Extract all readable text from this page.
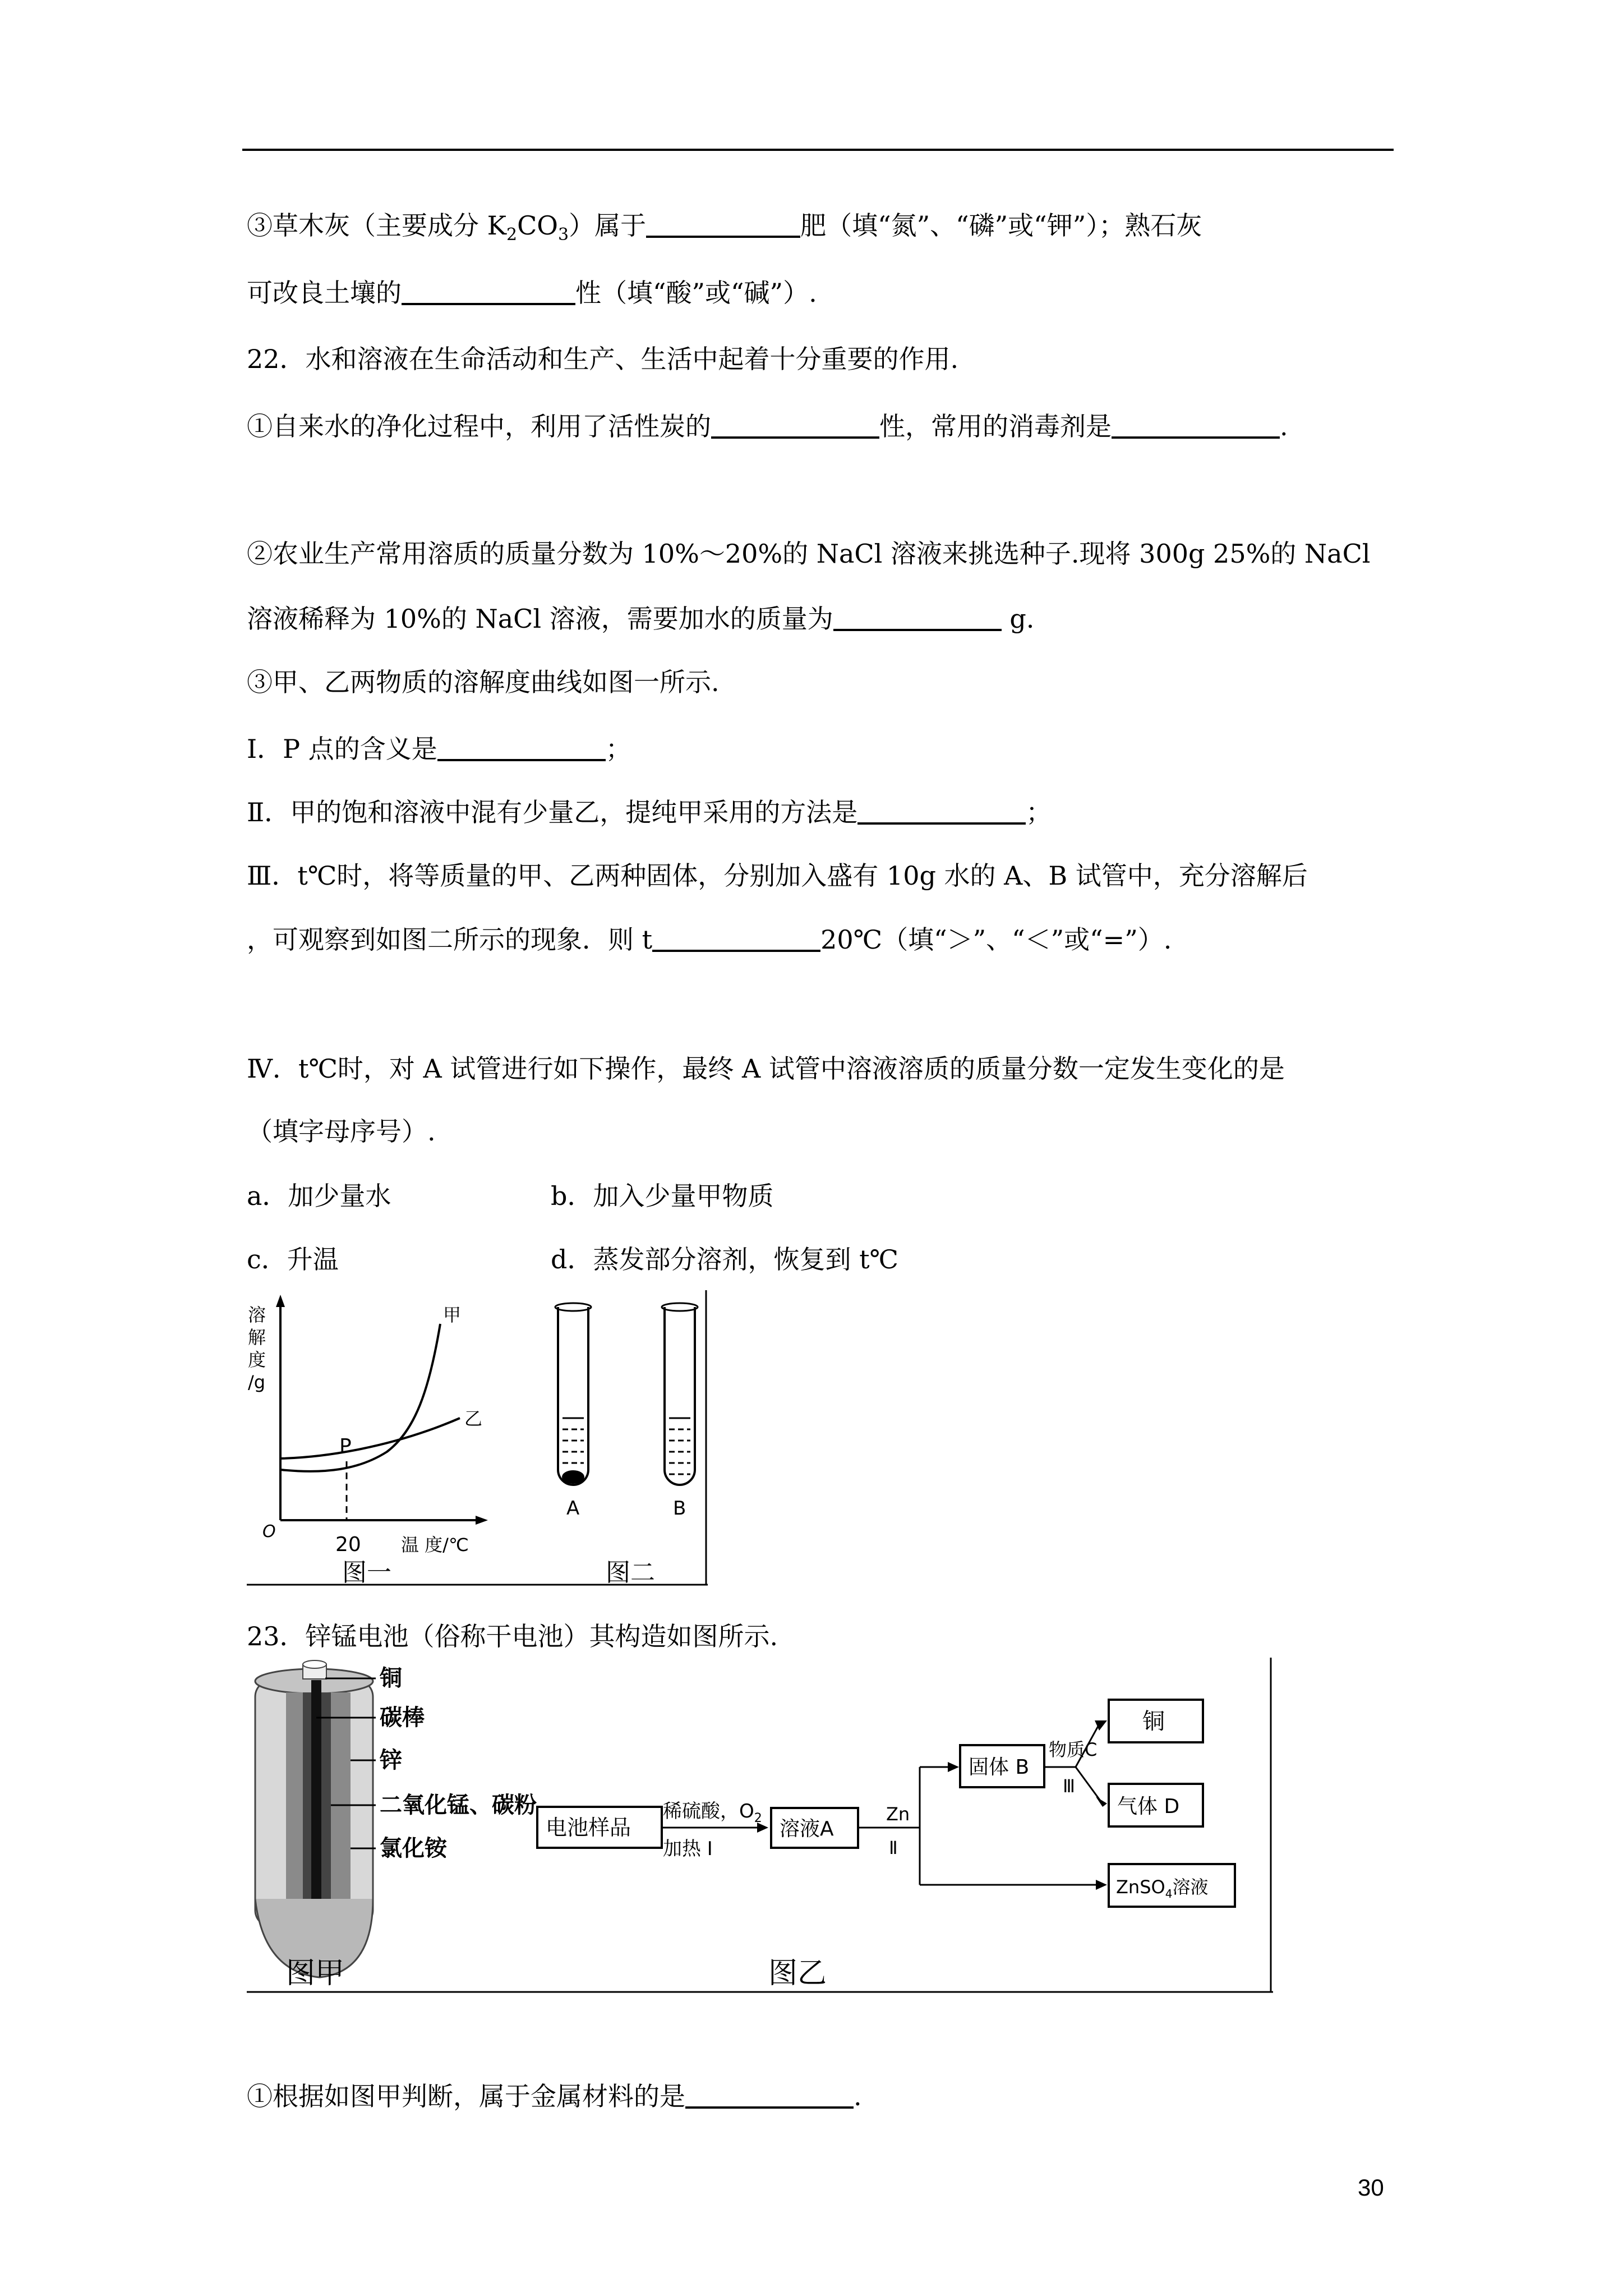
③草木灰（主要成分 $K_2CO_3$）属于	肥（填“氮”、“磷”或“钾”）；熟石灰
可改良土壤的	性（填“酸”或“碱”）.
22．水和溶液在生命活动和生产、生活中起着十分重要的作用.
①自来水的净化过程中，利用了活性炭的	性，常用的消毒剂是	.
②农业生产常用溶质的质量分数为 10%～20%的 NaCl 溶液来挑选种子.现将 300g 25%的 NaCl
溶液稀释为 10%的 NaCl 溶液，需要加水的质量为	g.
③甲、乙两物质的溶解度曲线如图一所示.
Ⅰ．P 点的含义是	；
Ⅱ．甲的饱和溶液中混有少量乙，提纯甲采用的方法是	；
Ⅲ．t℃时，将等质量的甲、乙两种固体，分别加入盛有 10g 水的 A、B 试管中，充分溶解后
，可观察到如图二所示的现象．则 t	20℃（填“＞”、“＜”或“=”）.
Ⅳ．t℃时，对 A 试管进行如下操作，最终 A 试管中溶液溶质的质量分数一定发生变化的是
（填字母序号）.
a．加少量水	b．加入少量甲物质
c．升温	d．蒸发部分溶剂，恢复到 t℃
溶
解
度
/g
甲
乙
P
O
20 温 度/℃
图一
A	B
图二
23．锌锰电池（俗称干电池）其构造如图所示.
铜
碳棒
锌
二氧化锰、碳粉
氯化铵
图甲
电池样品
稀硫酸，$O_2$
加热 Ⅰ
溶液A
Zn
Ⅱ
固体 B
物质C
Ⅲ
铜
气体 D
ZnSO$_4$溶液
图乙
①根据如图甲判断，属于金属材料的是	.
30
